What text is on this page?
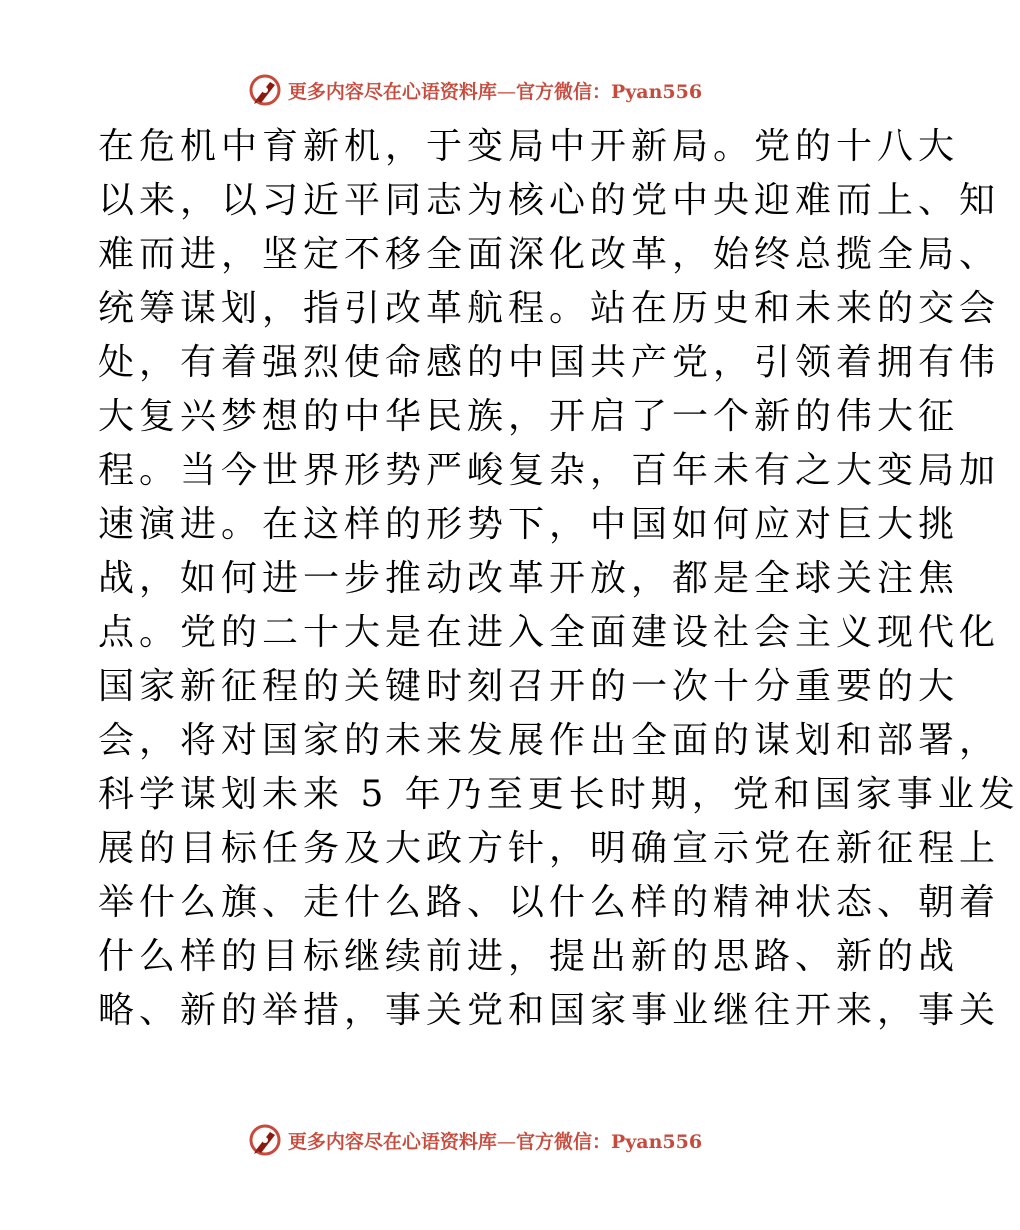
更多内容尽在心语资料库—官方微信：Pyan556
在危机中育新机，于变局中开新局。党的十八大
以来，以习近平同志为核心的党中央迎难而上、知
难而进，坚定不移全面深化改革，始终总揽全局、
统筹谋划，指引改革航程。站在历史和未来的交会
处，有着强烈使命感的中国共产党，引领着拥有伟
大复兴梦想的中华民族，开启了一个新的伟大征
程。当今世界形势严峻复杂，百年未有之大变局加
速演进。在这样的形势下，中国如何应对巨大挑
战，如何进一步推动改革开放，都是全球关注焦
点。党的二十大是在进入全面建设社会主义现代化
国家新征程的关键时刻召开的一次十分重要的大
会，将对国家的未来发展作出全面的谋划和部署，
科学谋划未来 5 年乃至更长时期，党和国家事业发
展的目标任务及大政方针，明确宣示党在新征程上
举什么旗、走什么路、以什么样的精神状态、朝着
什么样的目标继续前进，提出新的思路、新的战
略、新的举措，事关党和国家事业继往开来，事关
更多内容尽在心语资料库—官方微信：Pyan556
